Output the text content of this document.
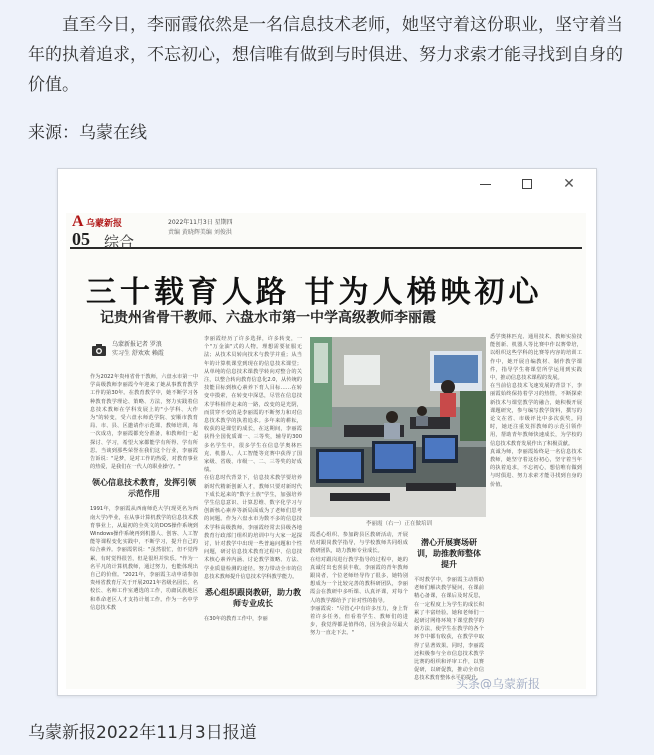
直至今日，李丽霞依然是一名信息技术老师，她坚守着这份职业，坚守着当年的执着追求，不忘初心，想信唯有做到与时俱进、努力求索才能寻找到自身的价值。

来源：乌蒙在线

✕
A 乌蒙新报
05 综合
2022年11月3日 星期四
责编 黄晓辉美编 刘俊洪
三十载育人路 甘为人梯映初心
记贵州省骨干教师、六盘水市第一中学高级教师李丽霞
乌蒙新报记者 罗浪
实习生 舒欢欢 赖霞

作为2022年贵州省骨干教师，六盘水市第一中学高级教师李丽霞今年迎来了她从事教育教学工作的第30年。在教育教学中，她不断学习各种教育教学理论、策略、方法，努力实践着信息技术教师在学科发展上的"小学科、大作为"的转变，受六盘水师范学院、安顺市教育局、市、县、区邀请作示范课、教师培训，每一次成功，李丽霞都充分准备，和教师们一起探讨、学习，希望大家都能学有所得、学有所思。当谈到那些荣誉在我们这个行业，李丽霞告诉说："是梦，是对工作的热爱，对教育事业的热爱，是我们在一代人的职业操守。"

领心信息技术教育，发挥引领示范作用

1991年，李丽霞从西南师范大学(现更名为西南大学)毕业，在从事计算机教学的信息技术教育事业上，从最初的全英文的DOS操作系统到Windows操作系统再到机器人、创客、人工智能等课程变化实践中，不断学习，提升自己的综合素养。李丽霞常说："虽然很忙，但不觉得累，有时觉得很苦，但是很坦并快乐。"作为一名平凡的计算机教师，通过努力，也能体现出自己的价值。"2021年，李丽霞主动申请参加贵州省教育厅关于开展2021年省级名园长、名校长、名师工作室遴选的工作，功庸民族地区和革命老区人才支持计划工作。作为一名中学信息技术教

李丽霞经历了许多选择，许多转变，一个"万金油"式的人物。理想需要征服无法；从技术员转向技术与教学并重；从当年的计算机课堂到现在的信息技术课堂；从单纯的信息技术课教学转向对整合的关注，以整合转向教育信息化2.0，从传统的技能目标到核心素养下育人目标……在转变中摸索，在转变中深思，尽管在信息技术学科相伴走来的一路，改变的是光阴，而贯穿不变的是李丽霞的不断努力和对信息技术教学的执着追求。多年来的耕耘，收获的是课堂的成长，在这期间，李丽霞获得全国优质课一、三等奖，辅导的300多名学生中，很多学生在信息学奥林匹克、机器人、人工智能等竞赛中获得了国家级、省级、市级一、二、三等奖的好成绩。

在信息时代背景下，信息技术教学要培养新时代精新创新人才，教师只要对新时代下成长起来的"数字土族"学生，加强培养学生信息意识、计算思维、数字化学习与创新核心素养等新局面成为了老师们思考的问题。作为六盘水市为数不多的信息技术学科高级教师，李丽霞经常去县级各地教育行政部门组织的培训中与大家一起探讨，针对教学中出现一些普遍问题和个性问题，研讨信息技术教育过程中、信息技术核心素养内涵、讨论教学策略、方法、学业质量检测的途径。努力带动全市的信息技术教师提升信息技术学科教学能力。

悉心组织跟岗教研，助力教师专业成长

在30年的教育工作中，李丽

李丽霞（右一）正在做培训

霞悉心组织、参加跨县区教研活动，开展结对跟岗教学指导，与学校教师共同组成教研团队，助力教师专业成长。

在结对跟岗进行教学指导的过程中，她的真诚付出也喜获丰收，李丽霞的青年教师跟岗者，个位老师经导待了很多，她特别想成为一个比较完善的教科研团队，李丽霞会在教研中多听课、认真评课，对每个人的教学都给予了针对性的指导。

李丽霞说："尽管心中有许多压力，身上背着许多任务，但看着学生、教师们的进步，我觉得都是值得的，因为我会尽最大努力一直走下去。"

潜心开展赛场研训，助推教师整体提升

平时教学中，李丽霞主动帮助老师们解决教学疑问，在课前精心备课，在课后及时反思，在一定程度上为学生的成长积累了丰富经验。她和老师们一起研讨网络环境下课堂教学的新方法，使学生在教学的各个环节中都有收获，在教学中取得了显著效果。同时，李丽霞还积极参与全市信息技术教学比赛的组织和评审工作，以赛促研，以研促教，推动全市信息技术教育整体水平的提升。

悉学奥林匹克、通用技术、教师实验技能创新、机器人等比赛中作以赛带培，以组织这些学科的比赛等内容的培训工作中，她开展自编教材、制作教学课件，指导学生将课堂所学运用到实践中，推动信息技术课程的发展。

在当前信息技术飞速发展的背景下，李丽霞始终保持着学习的热情，不断探索新技术与课堂教学的融合，她积极开展课题研究，参与编写教学资料，撰写的论文在省、市级评比中多次获奖。同时，她还注重发挥教师的示范引领作用，帮助青年教师快速成长，为学校的信息技术教育发展作出了积极贡献。

真诚为师，李丽霞始终是一名信息技术教师，她坚守着这份初心，坚守着当年的执着追求，不忘初心，想信唯有做到与时俱进、努力求索才能寻找到自身的价值。

头条@乌蒙新报

乌蒙新报2022年11月3日报道
